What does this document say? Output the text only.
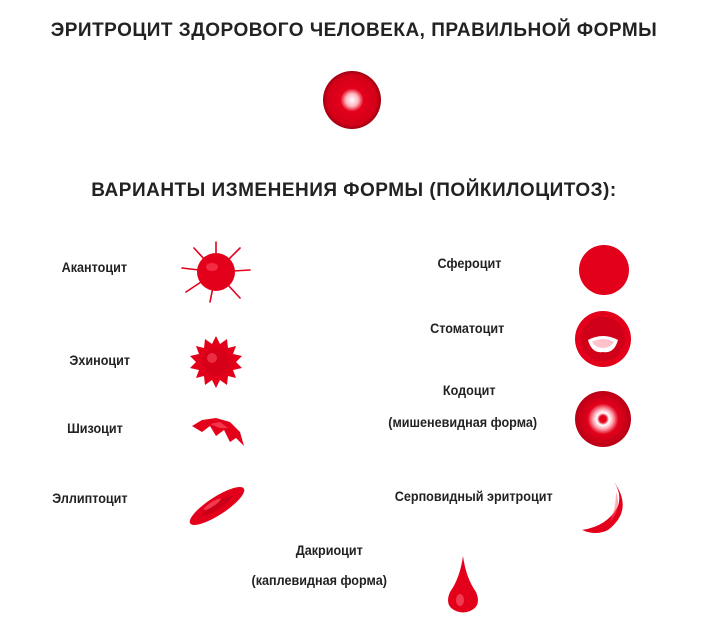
ЭРИТРОЦИТ ЗДОРОВОГО ЧЕЛОВЕКА, ПРАВИЛЬНОЙ ФОРМЫ
ВАРИАНТЫ ИЗМЕНЕНИЯ ФОРМЫ (ПОЙКИЛОЦИТОЗ):
Акантоцит
Эхиноцит
Шизоцит
Эллиптоцит
Сфероцит
Стоматоцит
Кодоцит
(мишеневидная форма)
Серповидный эритроцит
Дакриоцит
(каплевидная форма)
